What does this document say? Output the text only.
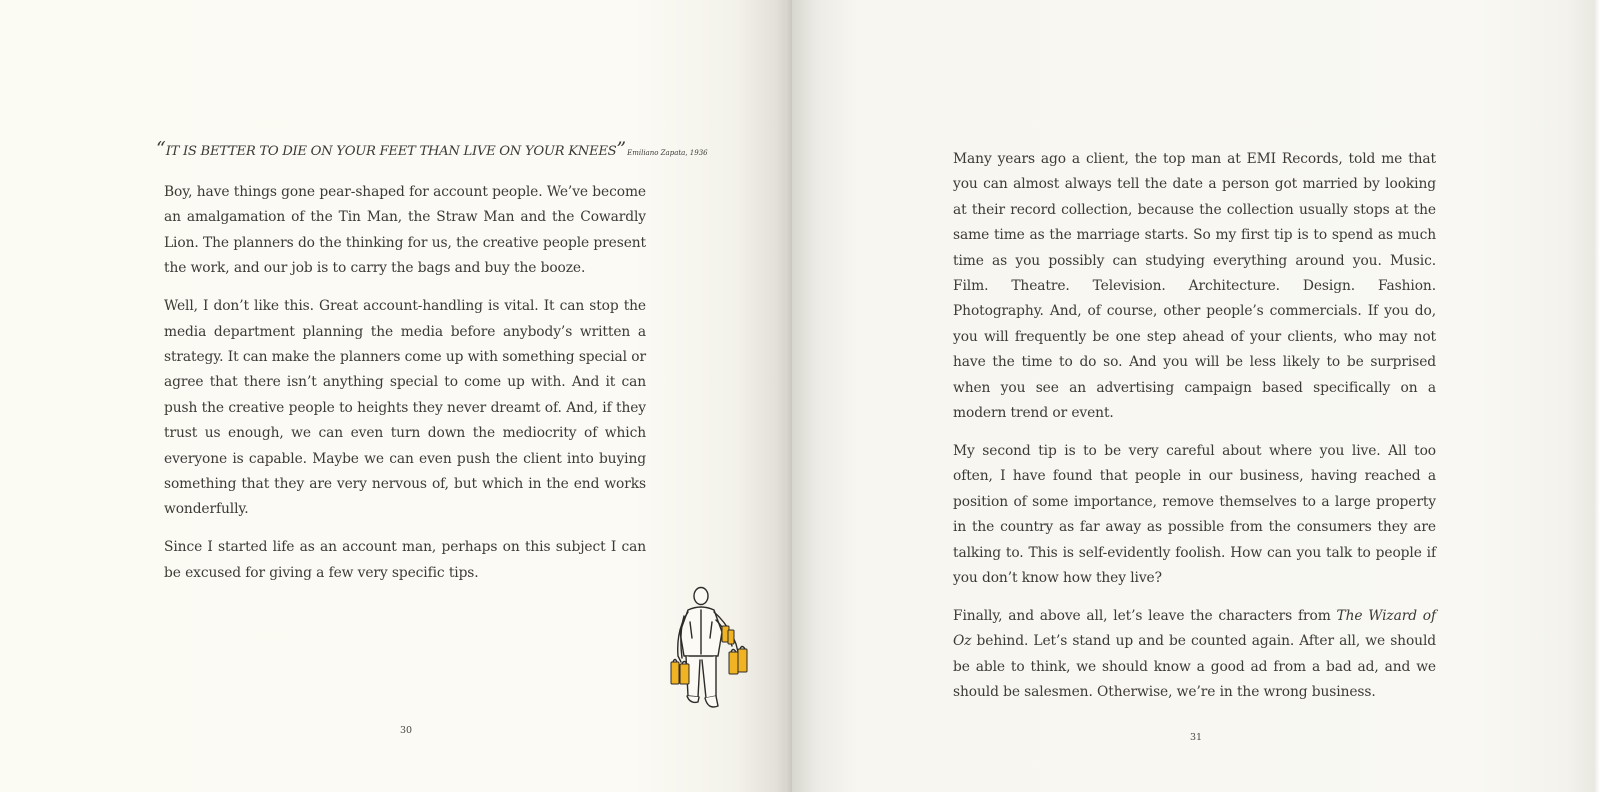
“IT IS BETTER TO DIE ON YOUR FEET THAN LIVE ON YOUR KNEES”Emiliano Zapata, 1936

Boy, have things gone pear-shaped for account people. We’ve become an amalgamation of the Tin Man, the Straw Man and the Cowardly Lion. The planners do the thinking for us, the creative people present the work, and our job is to carry the bags and buy the booze.

Well, I don’t like this. Great account-handling is vital. It can stop the media department planning the media before anybody’s written a strategy. It can make the planners come up with something special or agree that there isn’t anything special to come up with. And it can push the creative people to heights they never dreamt of. And, if they trust us enough, we can even turn down the mediocrity of which everyone is capable. Maybe we can even push the client into buying something that they are very nervous of, but which in the end works wonderfully.

Since I started life as an account man, perhaps on this subject I can be excused for giving a few very specific tips.

30

Many years ago a client, the top man at EMI Records, told me that you can almost always tell the date a person got married by looking at their record collection, because the collection usually stops at the same time as the marriage starts. So my first tip is to spend as much time as you possibly can studying everything around you. Music. Film. Theatre. Television. Architecture. Design. Fashion. Photography. And, of course, other people’s commercials. If you do, you will frequently be one step ahead of your clients, who may not have the time to do so. And you will be less likely to be surprised when you see an advertising campaign based specifically on a modern trend or event.

My second tip is to be very careful about where you live. All too often, I have found that people in our business, having reached a position of some importance, remove themselves to a large property in the country as far away as possible from the consumers they are talking to. This is self-evidently foolish. How can you talk to people if you don’t know how they live?

Finally, and above all, let’s leave the characters from The Wizard of Oz behind. Let’s stand up and be counted again. After all, we should be able to think, we should know a good ad from a bad ad, and we should be salesmen. Otherwise, we’re in the wrong business.

31
